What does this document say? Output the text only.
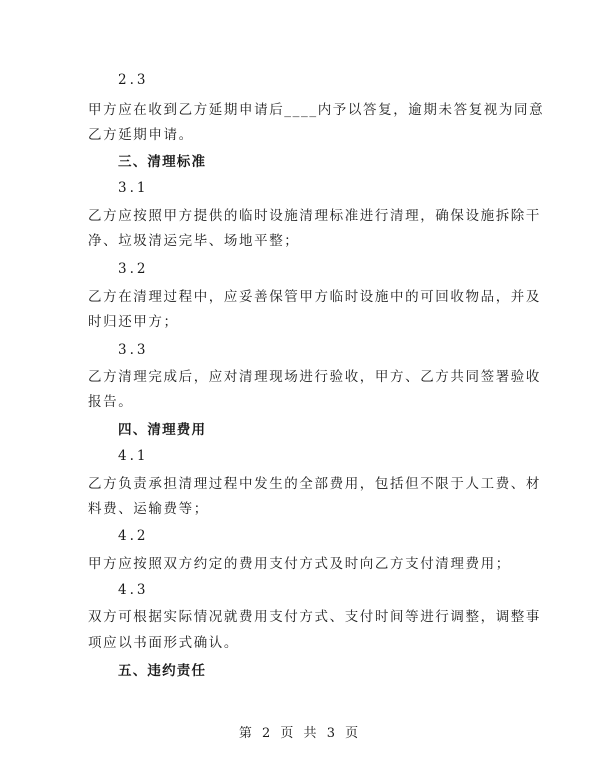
2.3
甲方应在收到乙方延期申请后____内予以答复，逾期未答复视为同意
乙方延期申请。
三、清理标准
3.1
乙方应按照甲方提供的临时设施清理标准进行清理，确保设施拆除干
净、垃圾清运完毕、场地平整；
3.2
乙方在清理过程中，应妥善保管甲方临时设施中的可回收物品，并及
时归还甲方；
3.3
乙方清理完成后，应对清理现场进行验收，甲方、乙方共同签署验收
报告。
四、清理费用
4.1
乙方负责承担清理过程中发生的全部费用，包括但不限于人工费、材
料费、运输费等；
4.2
甲方应按照双方约定的费用支付方式及时向乙方支付清理费用；
4.3
双方可根据实际情况就费用支付方式、支付时间等进行调整，调整事
项应以书面形式确认。
五、违约责任
第 2 页 共 3 页
